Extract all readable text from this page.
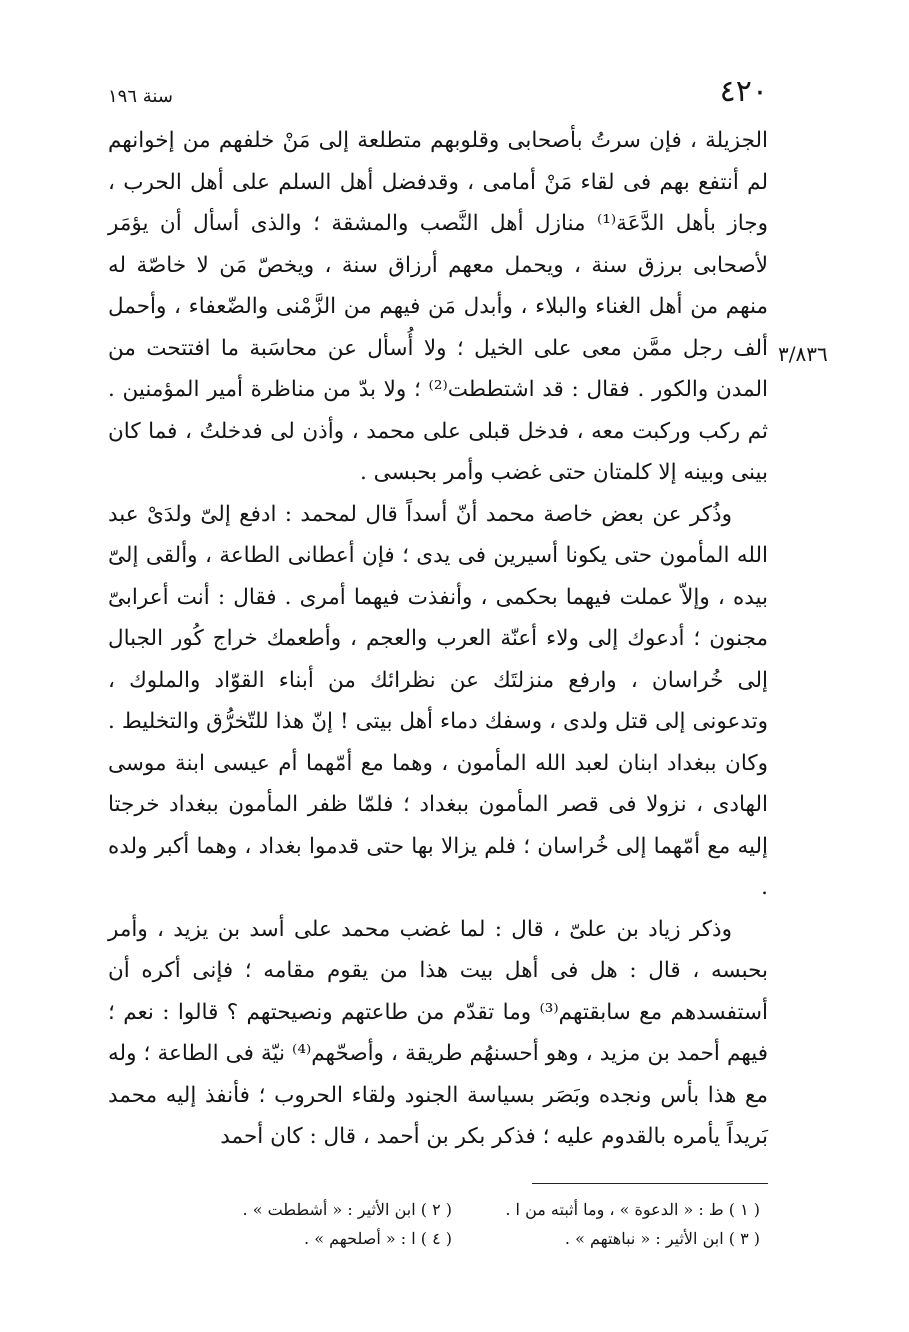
٤٢٠
سنة ١٩٦

الجزيلة ، فإن سرتُ بأصحابى وقلوبهم متطلعة إلى مَنْ خلفهم من إخوانهم لم أنتفع بهم فى لقاء مَنْ أمامى ، وقدفضل أهل السلم على أهل الحرب ، وجاز بأهل الدَّعَة⁽¹⁾ منازل أهل النَّصب والمشقة ؛ والذى أسأل أن يؤمَر لأصحابى برزق سنة ، ويحمل معهم أرزاق سنة ، ويخصّ مَن لا خاصّة له منهم من أهل الغناء والبلاء ، وأبدل مَن فيهم من الزَّمْنى والضّعفاء ، وأحمل ألف رجل ممَّن معى على الخيل ؛ ولا أُسأل عن محاسَبة ما افتتحت من المدن والكور . فقال : قد اشتططت⁽²⁾ ؛ ولا بدّ من مناظرة أمير المؤمنين . ثم ركب وركبت معه ، فدخل قبلى على محمد ، وأذن لى فدخلتُ ، فما كان بينى وبينه إلا كلمتان حتى غضب وأمر بحبسى .

وذُكر عن بعض خاصة محمد أنّ أسداً قال لمحمد : ادفع إلىّ ولدَىْ عبد الله المأمون حتى يكونا أسيرين فى يدى ؛ فإن أعطانى الطاعة ، وألقى إلىّ بيده ، وإلاّ عملت فيهما بحكمى ، وأنفذت فيهما أمرى . فقال : أنت أعرابىّ مجنون ؛ أدعوك إلى ولاء أعنّة العرب والعجم ، وأطعمك خراج كُور الجبال إلى خُراسان ، وارفع منزلتَك عن نظرائك من أبناء القوّاد والملوك ، وتدعونى إلى قتل ولدى ، وسفك دماء أهل بيتى ! إنّ هذا للتّخرُّق والتخليط . وكان ببغداد ابنان لعبد الله المأمون ، وهما مع أمّهما أم عيسى ابنة موسى الهادى ، نزولا فى قصر المأمون ببغداد ؛ فلمّا ظفر المأمون ببغداد خرجتا إليه مع أمّهما إلى خُراسان ؛ فلم يزالا بها حتى قدموا بغداد ، وهما أكبر ولده .

وذكر زياد بن علىّ ، قال : لما غضب محمد على أسد بن يزيد ، وأمر بحبسه ، قال : هل فى أهل بيت هذا من يقوم مقامه ؛ فإنى أكره أن أستفسدهم مع سابقتهم⁽³⁾ وما تقدّم من طاعتهم ونصيحتهم ؟ قالوا : نعم ؛ فيهم أحمد بن مزيد ، وهو أحسنهُم طريقة ، وأصحّهم⁽⁴⁾ نيّة فى الطاعة ؛ وله مع هذا بأس ونجده وبَصَر بسياسة الجنود ولقاء الحروب ؛ فأنفذ إليه محمد بَريداً يأمره بالقدوم عليه ؛ فذكر بكر بن أحمد ، قال : كان أحمد

٣/٨٣٦
( ١ ) ط : « الدعوة » ، وما أثبته من ا .
( ٢ ) ابن الأثير : « أشططت » .
( ٣ ) ابن الأثير : « نباهتهم » .
( ٤ ) ا : « أصلحهم » .
